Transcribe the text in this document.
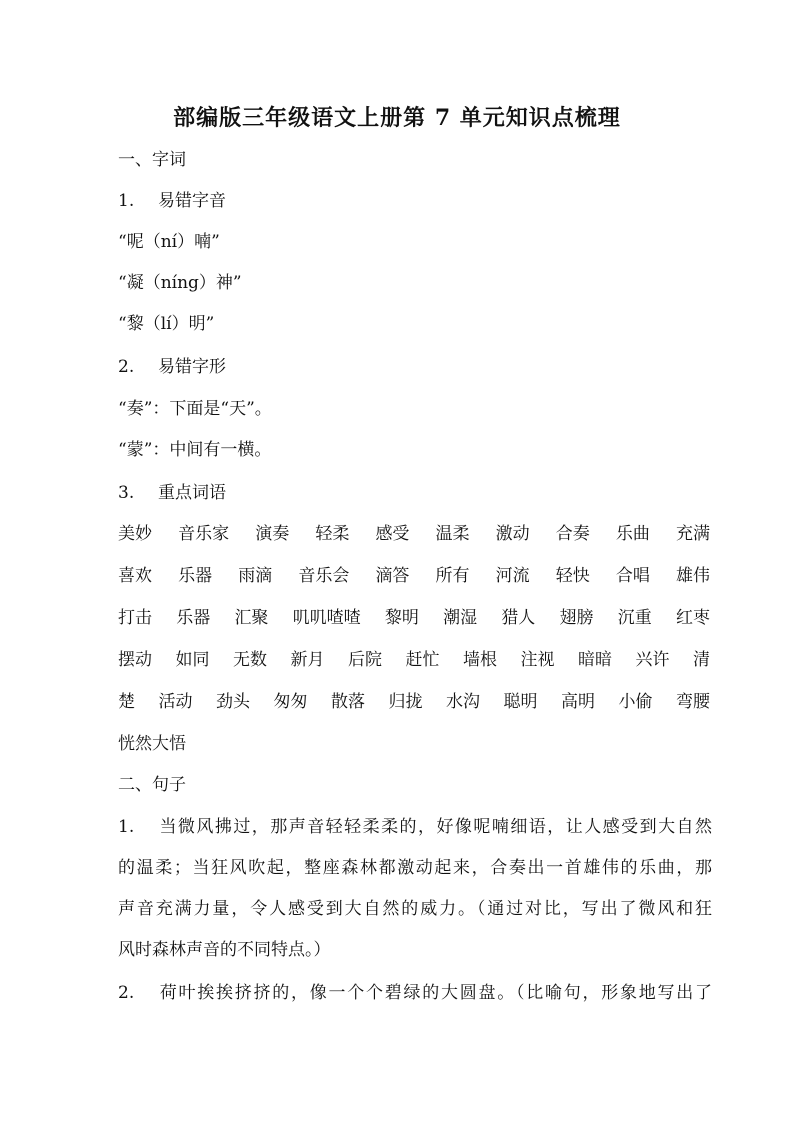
部编版三年级语文上册第 7 单元知识点梳理
一、字词
1. 易错字音
“呢（ní）喃”
“凝（níng）神”
“黎（lí）明”
2. 易错字形
“奏”：下面是“天”。
“蒙”：中间有一横。
3. 重点词语
美妙 音乐家 演奏 轻柔 感受 温柔 激动 合奏 乐曲 充满
喜欢 乐器 雨滴 音乐会 滴答 所有 河流 轻快 合唱 雄伟
打击 乐器 汇聚 叽叽喳喳 黎明 潮湿 猎人 翅膀 沉重 红枣
摆动 如同 无数 新月 后院 赶忙 墙根 注视 暗暗 兴许 清
楚 活动 劲头 匆匆 散落 归拢 水沟 聪明 高明 小偷 弯腰
恍然大悟
二、句子
1. 当微风拂过，那声音轻轻柔柔的，好像呢喃细语，让人感受到大自然
的温柔；当狂风吹起，整座森林都激动起来，合奏出一首雄伟的乐曲，那
声音充满力量，令人感受到大自然的威力。（通过对比，写出了微风和狂
风时森林声音的不同特点。）
2. 荷叶挨挨挤挤的，像一个个碧绿的大圆盘。（比喻句，形象地写出了
